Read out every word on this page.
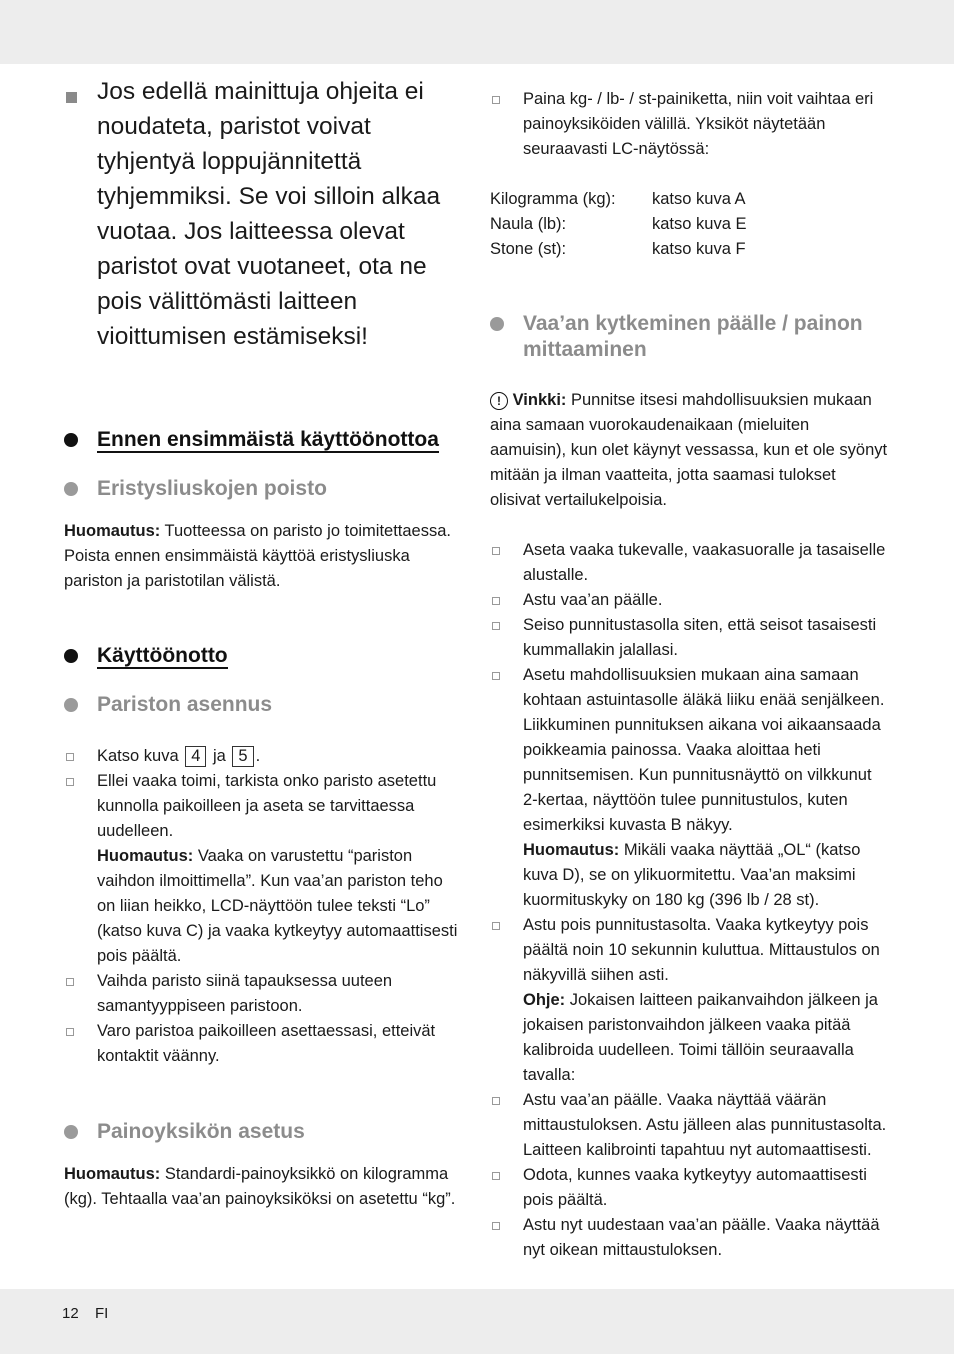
Jos edellä mainittuja ohjeita ei noudateta, paristot voivat tyhjentyä loppujännitettä tyhjemmiksi. Se voi silloin alkaa vuotaa. Jos laitteessa olevat paristot ovat vuotaneet, ota ne pois välittömästi laitteen vioittumisen estämiseksi!
Ennen ensimmäistä käyttöönottoa
Eristysliuskojen poisto

Huomautus: Tuotteessa on paristo jo toimitettaessa. Poista ennen ensimmäistä käyttöä eristysliuska pariston ja paristotilan välistä.

Käyttöönotto
Pariston asennus
Katso kuva 4 ja 5 .
Ellei vaaka toimi, tarkista onko paristo asetettu kunnolla paikoilleen ja aseta se tarvittaessa uudelleen.
Huomautus: Vaaka on varustettu “pariston vaihdon ilmoittimella”. Kun vaa’an pariston teho on liian heikko, LCD-näyttöön tulee teksti “Lo” (katso kuva C) ja vaaka kytkeytyy automaattisesti pois päältä.
Vaihda paristo siinä tapauksessa uuteen samantyyppiseen paristoon.
Varo paristoa paikoilleen asettaessasi, etteivät kontaktit väänny.
Painoyksikön asetus

Huomautus: Standardi-painoyksikkö on kilogramma (kg). Tehtaalla vaa’an painoyksiköksi on asetettu “kg”.

Paina kg- / lb- / st-painiketta, niin voit vaihtaa eri painoyksiköiden välillä. Yksiköt näytetään seuraavasti LC-näytössä:
Kilogramma (kg):	katso kuva A
Naula (lb):	katso kuva E
Stone (st):	katso kuva F
Vaa’an kytkeminen päälle / painon mittaaminen

! Vinkki: Punnitse itsesi mahdollisuuksien mukaan aina samaan vuorokaudenaikaan (mieluiten aamuisin), kun olet käynyt vessassa, kun et ole syönyt mitään ja ilman vaatteita, jotta saamasi tulokset olisivat vertailukelpoisia.

Aseta vaaka tukevalle, vaakasuoralle ja tasaiselle alustalle.
Astu vaa’an päälle.
Seiso punnitustasolla siten, että seisot tasaisesti kummallakin jalallasi.
Asetu mahdollisuuksien mukaan aina samaan kohtaan astuintasolle äläkä liiku enää senjälkeen. Liikkuminen punnituksen aikana voi aikaansaada poikkeamia painossa. Vaaka aloittaa heti punnitsemisen. Kun punnitusnäyttö on vilkkunut 2-kertaa, näyttöön tulee punnitustulos, kuten esimerkiksi kuvasta B näkyy.
Huomautus: Mikäli vaaka näyttää „OL“ (katso kuva D), se on ylikuormitettu. Vaa’an maksimi kuormituskyky on 180 kg (396 lb / 28 st).
Astu pois punnitustasolta. Vaaka kytkeytyy pois päältä noin 10 sekunnin kuluttua. Mittaustulos on näkyvillä siihen asti.
Ohje: Jokaisen laitteen paikanvaihdon jälkeen ja jokaisen paristonvaihdon jälkeen vaaka pitää kalibroida uudelleen. Toimi tällöin seuraavalla tavalla:
Astu vaa’an päälle. Vaaka näyttää väärän mittaustuloksen. Astu jälleen alas punnitustasolta. Laitteen kalibrointi tapahtuu nyt automaattisesti.
Odota, kunnes vaaka kytkeytyy automaattisesti pois päältä.
Astu nyt uudestaan vaa’an päälle. Vaaka näyttää nyt oikean mittaustuloksen.
12 FI
